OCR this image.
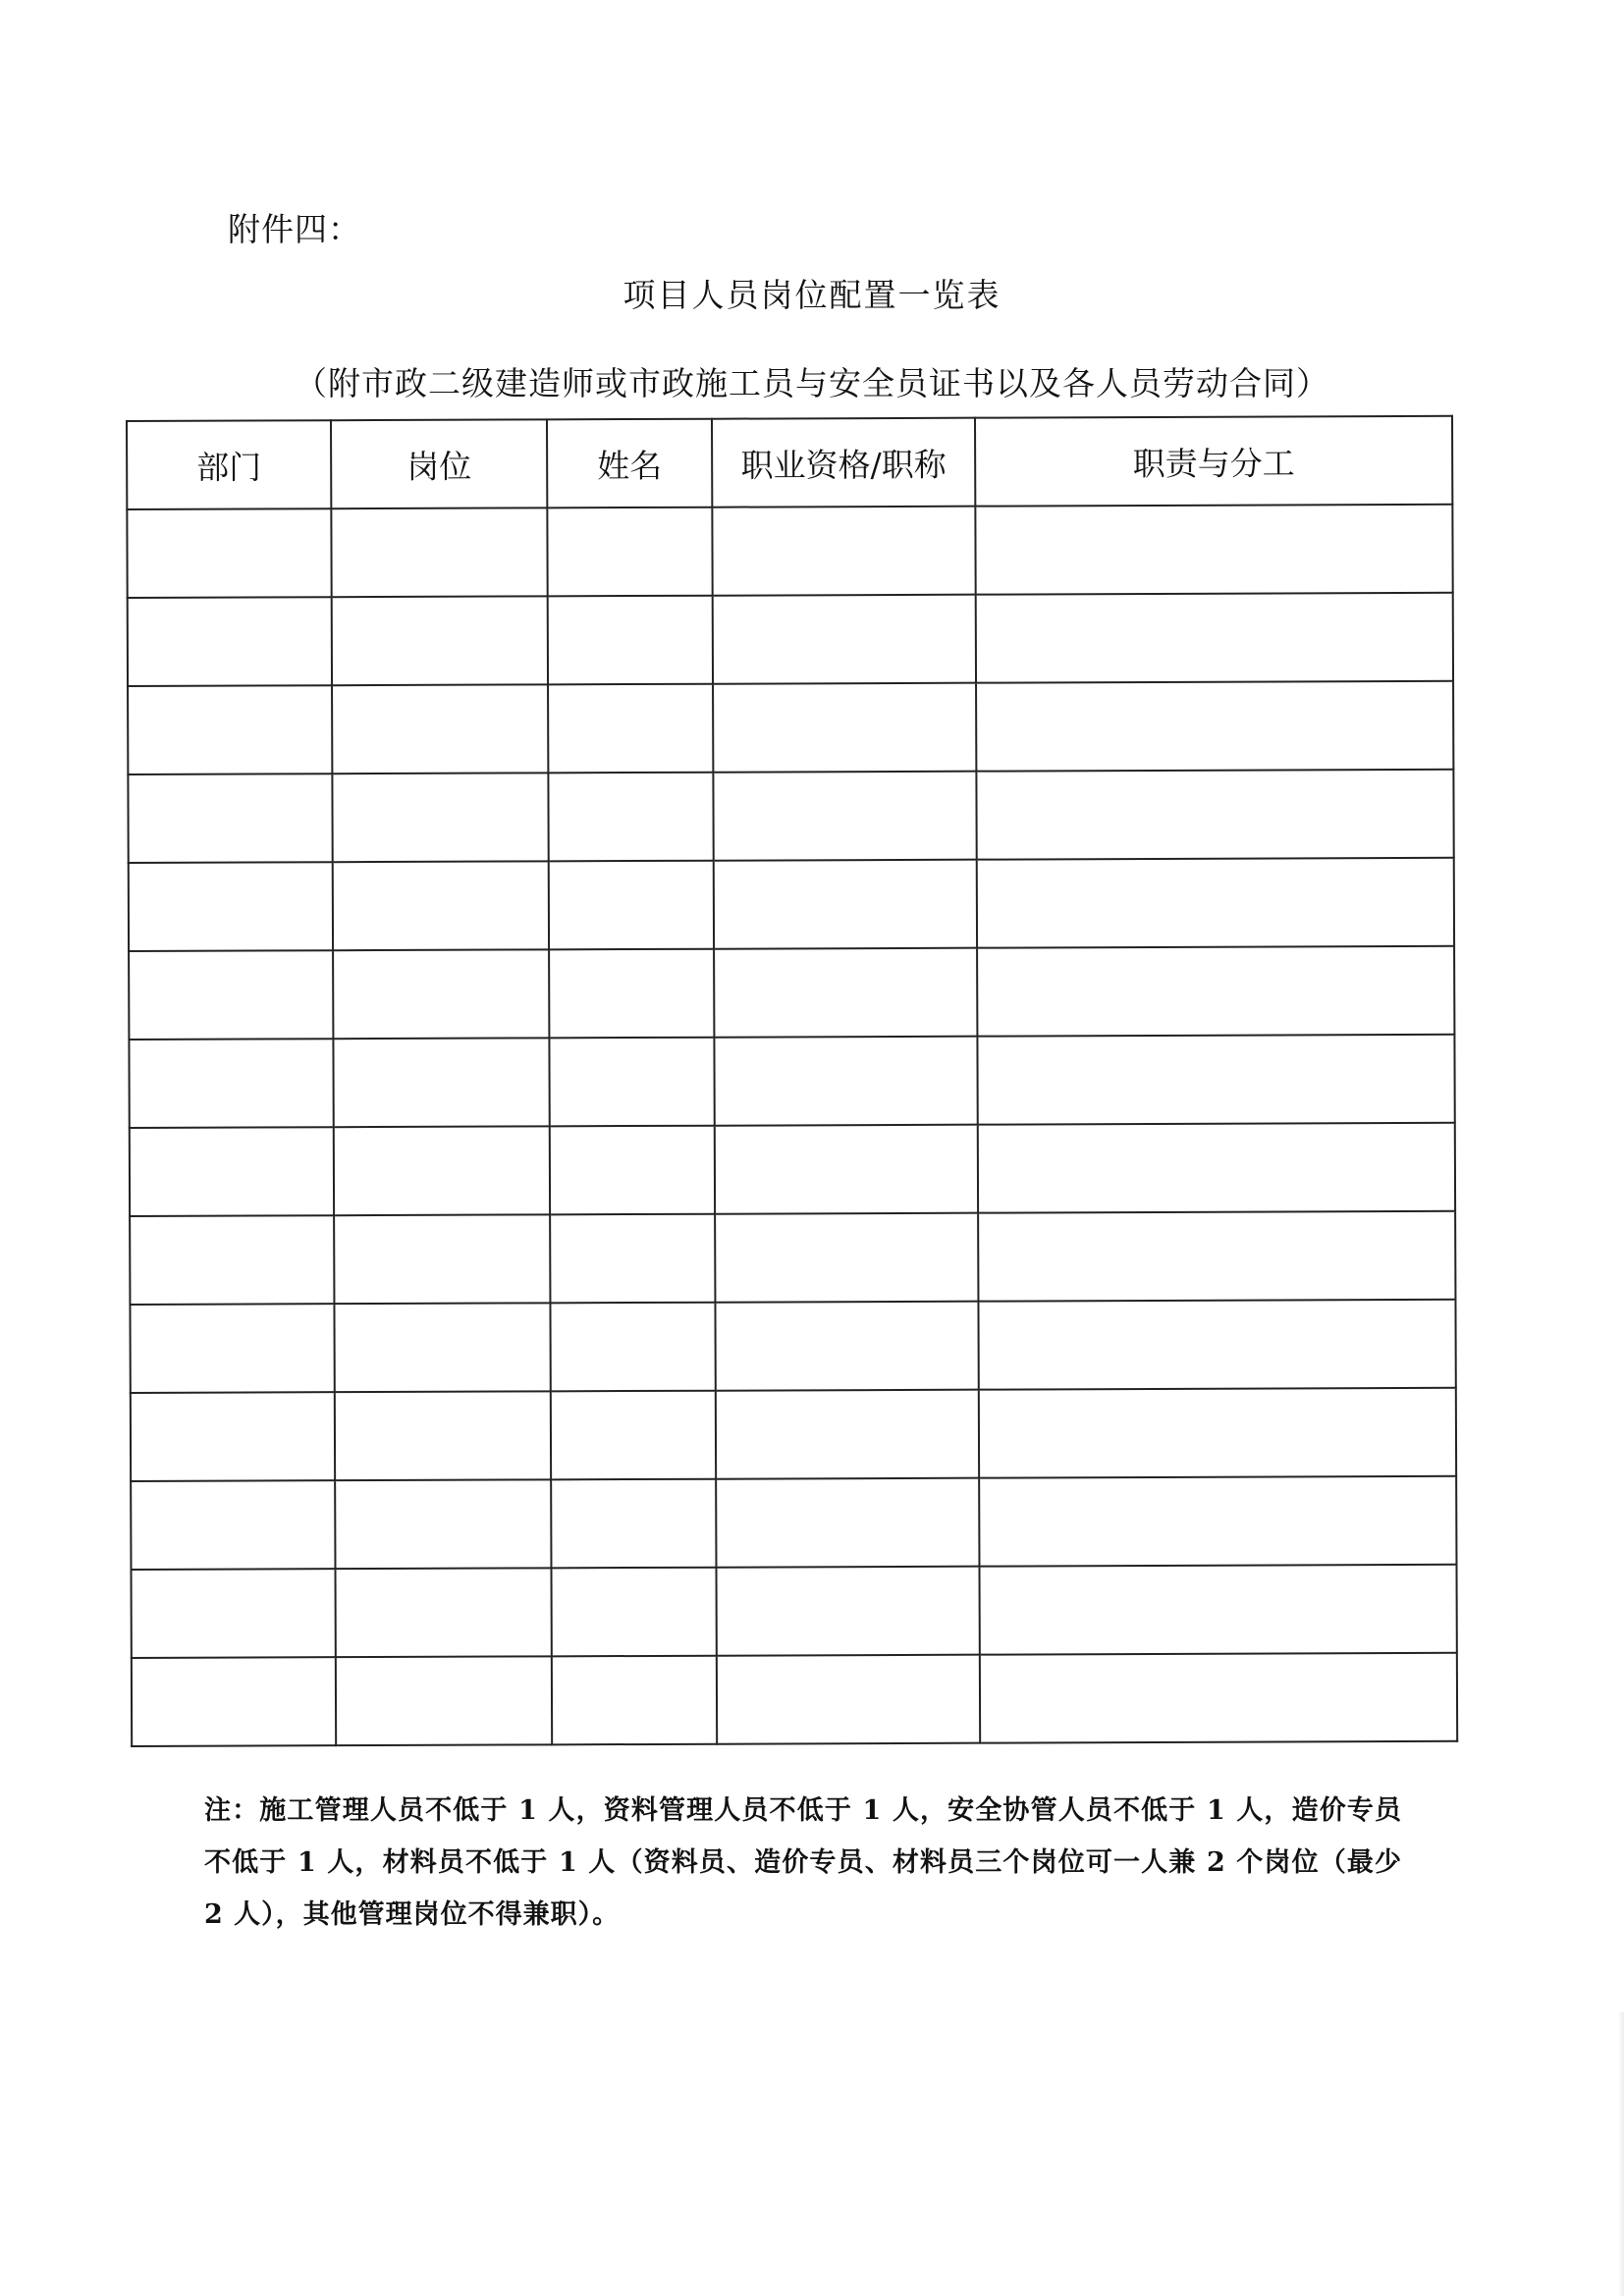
附件四：
项目人员岗位配置一览表
（附市政二级建造师或市政施工员与安全员证书以及各人员劳动合同）
部门	岗位	姓名	职业资格/职称	职责与分工

注：施工管理人员不低于 1 人，资料管理人员不低于 1 人，安全协管人员不低于 1 人，造价专员不低于 1 人，材料员不低于 1 人（资料员、造价专员、材料员三个岗位可一人兼 2 个岗位（最少 2 人），其他管理岗位不得兼职）。
